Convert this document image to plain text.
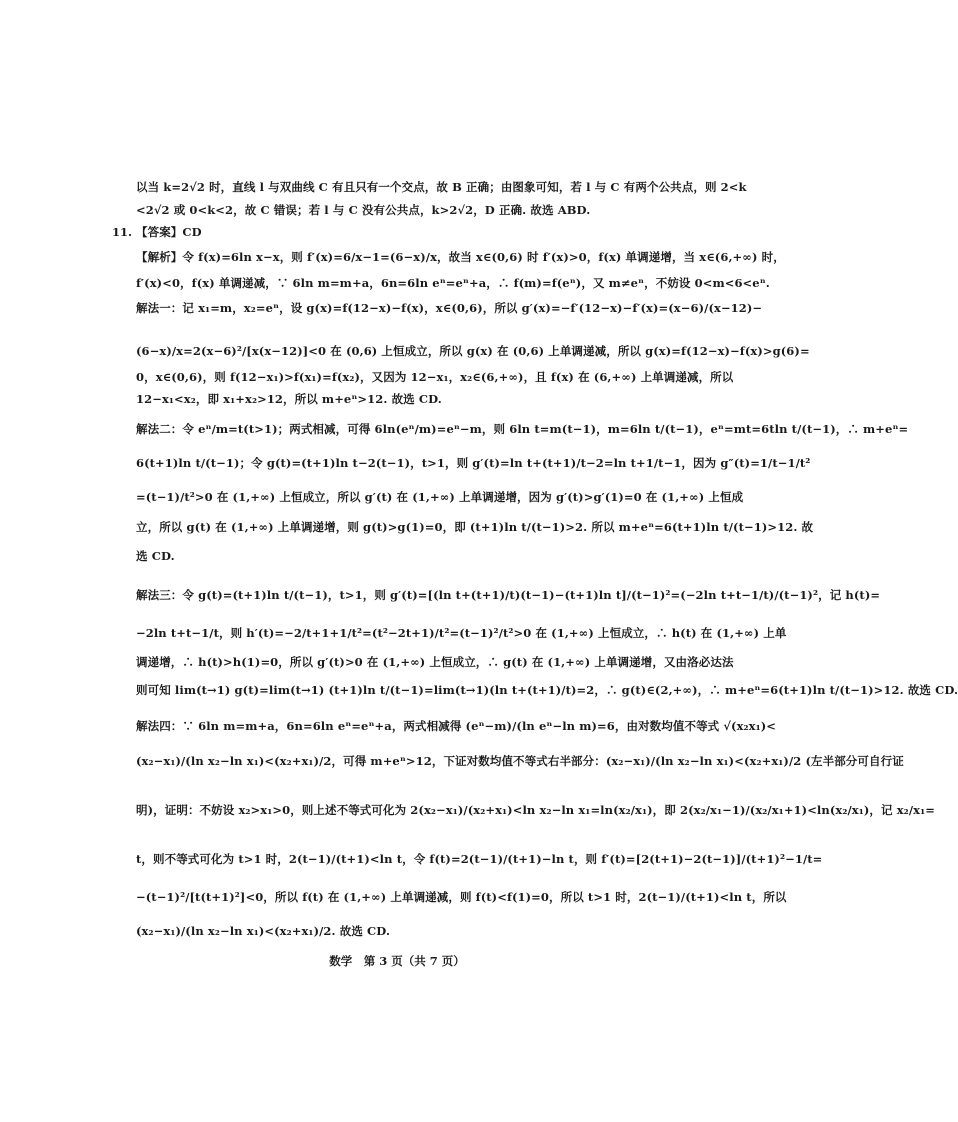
以当 k=2√2 时，直线 l 与双曲线 C 有且只有一个交点，故 B 正确；由图象可知，若 l 与 C 有两个公共点，则 2<k
<2√2 或 0<k<2，故 C 错误；若 l 与 C 没有公共点，k>2√2，D 正确. 故选 ABD.
11. 【答案】CD
【解析】令 f(x)=6ln x−x，则 f′(x)=6/x−1=(6−x)/x，故当 x∈(0,6) 时 f′(x)>0，f(x) 单调递增，当 x∈(6,+∞) 时，
f′(x)<0，f(x) 单调递减，∵ 6ln m=m+a，6n=6ln eⁿ=eⁿ+a，∴ f(m)=f(eⁿ)，又 m≠eⁿ，不妨设 0<m<6<eⁿ.
解法一：记 x₁=m，x₂=eⁿ，设 g(x)=f(12−x)−f(x)，x∈(0,6)，所以 g′(x)=−f′(12−x)−f′(x)=(x−6)/(x−12)−
(6−x)/x=2(x−6)²/[x(x−12)]<0 在 (0,6) 上恒成立，所以 g(x) 在 (0,6) 上单调递减，所以 g(x)=f(12−x)−f(x)>g(6)=
0，x∈(0,6)，则 f(12−x₁)>f(x₁)=f(x₂)，又因为 12−x₁，x₂∈(6,+∞)，且 f(x) 在 (6,+∞) 上单调递减，所以
12−x₁<x₂，即 x₁+x₂>12，所以 m+eⁿ>12. 故选 CD.
解法二：令 eⁿ/m=t(t>1)；两式相减，可得 6ln(eⁿ/m)=eⁿ−m，则 6ln t=m(t−1)，m=6ln t/(t−1)，eⁿ=mt=6tln t/(t−1)，∴ m+eⁿ=
6(t+1)ln t/(t−1)；令 g(t)=(t+1)ln t−2(t−1)，t>1，则 g′(t)=ln t+(t+1)/t−2=ln t+1/t−1，因为 g″(t)=1/t−1/t²
=(t−1)/t²>0 在 (1,+∞) 上恒成立，所以 g′(t) 在 (1,+∞) 上单调递增，因为 g′(t)>g′(1)=0 在 (1,+∞) 上恒成
立，所以 g(t) 在 (1,+∞) 上单调递增，则 g(t)>g(1)=0，即 (t+1)ln t/(t−1)>2. 所以 m+eⁿ=6(t+1)ln t/(t−1)>12. 故
选 CD.
解法三：令 g(t)=(t+1)ln t/(t−1)，t>1，则 g′(t)=[(ln t+(t+1)/t)(t−1)−(t+1)ln t]/(t−1)²=(−2ln t+t−1/t)/(t−1)²，记 h(t)=
−2ln t+t−1/t，则 h′(t)=−2/t+1+1/t²=(t²−2t+1)/t²=(t−1)²/t²>0 在 (1,+∞) 上恒成立，∴ h(t) 在 (1,+∞) 上单
调递增，∴ h(t)>h(1)=0，所以 g′(t)>0 在 (1,+∞) 上恒成立，∴ g(t) 在 (1,+∞) 上单调递增，又由洛必达法
则可知 lim(t→1) g(t)=lim(t→1) (t+1)ln t/(t−1)=lim(t→1)(ln t+(t+1)/t)=2，∴ g(t)∈(2,+∞)，∴ m+eⁿ=6(t+1)ln t/(t−1)>12. 故选 CD.
解法四：∵ 6ln m=m+a，6n=6ln eⁿ=eⁿ+a，两式相减得 (eⁿ−m)/(ln eⁿ−ln m)=6，由对数均值不等式 √(x₂x₁)<
(x₂−x₁)/(ln x₂−ln x₁)<(x₂+x₁)/2，可得 m+eⁿ>12，下证对数均值不等式右半部分：(x₂−x₁)/(ln x₂−ln x₁)<(x₂+x₁)/2 (左半部分可自行证
明)，证明：不妨设 x₂>x₁>0，则上述不等式可化为 2(x₂−x₁)/(x₂+x₁)<ln x₂−ln x₁=ln(x₂/x₁)，即 2(x₂/x₁−1)/(x₂/x₁+1)<ln(x₂/x₁)，记 x₂/x₁=
t，则不等式可化为 t>1 时，2(t−1)/(t+1)<ln t，令 f(t)=2(t−1)/(t+1)−ln t，则 f′(t)=[2(t+1)−2(t−1)]/(t+1)²−1/t=
−(t−1)²/[t(t+1)²]<0，所以 f(t) 在 (1,+∞) 上单调递减，则 f(t)<f(1)=0，所以 t>1 时，2(t−1)/(t+1)<ln t，所以
(x₂−x₁)/(ln x₂−ln x₁)<(x₂+x₁)/2. 故选 CD.
数学　第 3 页（共 7 页）
